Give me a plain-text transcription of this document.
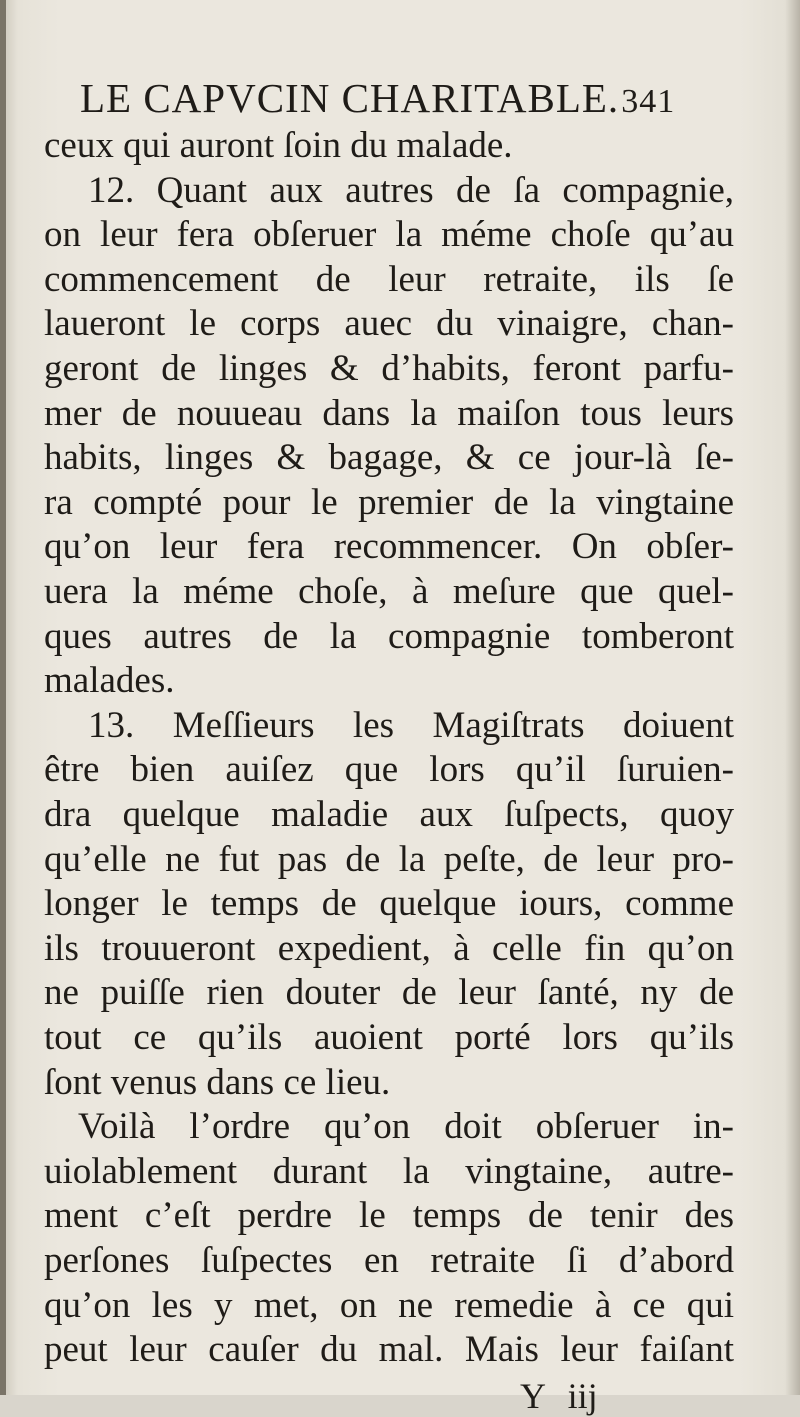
LE CAPVCIN CHARITABLE.341
ceux qui auront ſoin du malade.
12. Quant aux autres de ſa compagnie,
on leur fera obſeruer la méme choſe qu’au
commencement de leur retraite, ils ſe
laueront le corps auec du vinaigre, chan-
geront de linges & d’habits, feront parfu-
mer de nouueau dans la maiſon tous leurs
habits, linges & bagage, & ce jour-là ſe-
ra compté pour le premier de la vingtaine
qu’on leur fera recommencer. On obſer-
uera la méme choſe, à meſure que quel-
ques autres de la compagnie tomberont
malades.
13. Meſſieurs les Magiſtrats doiuent
être bien auiſez que lors qu’il ſuruien-
dra quelque maladie aux ſuſpects, quoy
qu’elle ne fut pas de la peſte, de leur pro-
longer le temps de quelque iours, comme
ils trouueront expedient, à celle fin qu’on
ne puiſſe rien douter de leur ſanté, ny de
tout ce qu’ils auoient porté lors qu’ils
ſont venus dans ce lieu.
Voilà l’ordre qu’on doit obſeruer in-
uiolablement durant la vingtaine, autre-
ment c’eſt perdre le temps de tenir des
perſones ſuſpectes en retraite ſi d’abord
qu’on les y met, on ne remedie à ce qui
peut leur cauſer du mal. Mais leur faiſant
Y iij
